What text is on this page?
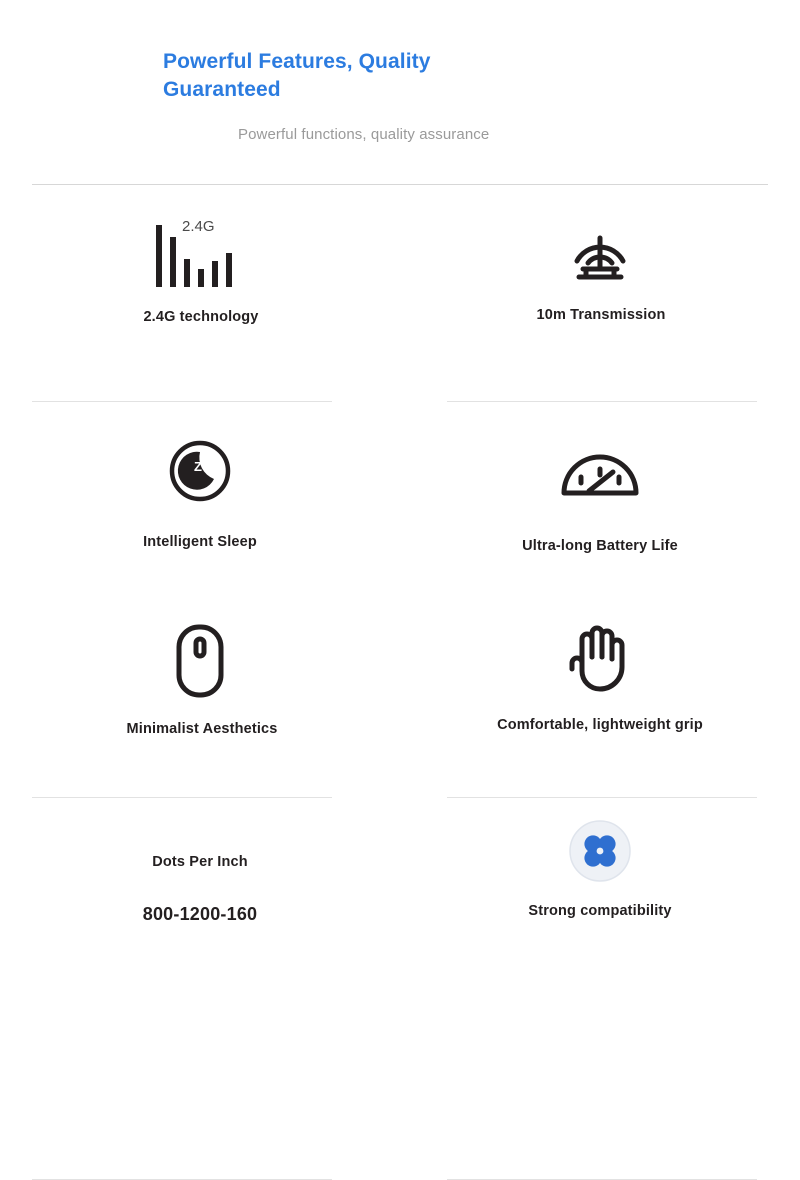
Powerful Features, Quality Guaranteed
Powerful functions, quality assurance
2.4G
2.4G technology	10m Transmission
Z
Intelligent Sleep	Ultra-long Battery Life
Minimalist Aesthetics	Comfortable, lightweight grip
Dots Per Inch
800-1200-160	Strong compatibility
